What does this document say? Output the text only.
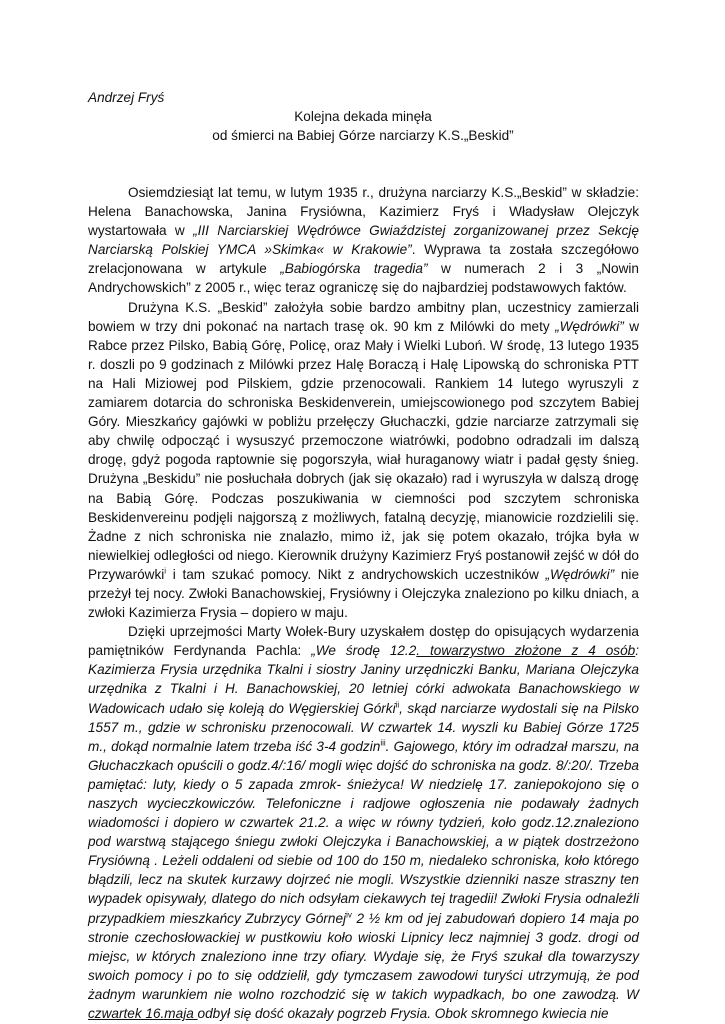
Andrzej Fryś

Kolejna dekada minęła
od śmierci na Babiej Górze narciarzy K.S.„Beskid”

Osiemdziesiąt lat temu, w lutym 1935 r., drużyna narciarzy K.S.„Beskid” w składzie: Helena Banachowska, Janina Frysiówna, Kazimierz Fryś i Władysław Olejczyk wystartowała w „III Narciarskiej Wędrówce Gwiaździstej zorganizowanej przez Sekcję Narciarską Polskiej YMCA »Skimka« w Krakowie”. Wyprawa ta została szczegółowo zrelacjonowana w artykule „Babiogórska tragedia” w numerach 2 i 3 „Nowin Andrychowskich” z 2005 r., więc teraz ograniczę się do najbardziej podstawowych faktów.

Drużyna K.S. „Beskid” założyła sobie bardzo ambitny plan, uczestnicy zamierzali bowiem w trzy dni pokonać na nartach trasę ok. 90 km z Milówki do mety „Wędrówki” w Rabce przez Pilsko, Babią Górę, Policę, oraz Mały i Wielki Luboń. W środę, 13 lutego 1935 r. doszli po 9 godzinach z Milówki przez Halę Boraczą i Halę Lipowską do schroniska PTT na Hali Miziowej pod Pilskiem, gdzie przenocowali. Rankiem 14 lutego wyruszyli z zamiarem dotarcia do schroniska Beskidenverein, umiejscowionego pod szczytem Babiej Góry. Mieszkańcy gajówki w pobliżu przełęczy Głuchaczki, gdzie narciarze zatrzymali się aby chwilę odpocząć i wysuszyć przemoczone wiatrówki, podobno odradzali im dalszą drogę, gdyż pogoda raptownie się pogorszyła, wiał huraganowy wiatr i padał gęsty śnieg. Drużyna „Beskidu” nie posłuchała dobrych (jak się okazało) rad i wyruszyła w dalszą drogę na Babią Górę. Podczas poszukiwania w ciemności pod szczytem schroniska Beskidenvereinu podjęli najgorszą z możliwych, fatalną decyzję, mianowicie rozdzielili się. Żadne z nich schroniska nie znalazło, mimo iż, jak się potem okazało, trójka była w niewielkiej odległości od niego. Kierownik drużyny Kazimierz Fryś postanowił zejść w dół do Przywarówki$^i$ i tam szukać pomocy. Nikt z andrychowskich uczestników „Wędrówki” nie przeżył tej nocy. Zwłoki Banachowskiej, Frysiówny i Olejczyka znaleziono po kilku dniach, a zwłoki Kazimierza Frysia – dopiero w maju.

Dzięki uprzejmości Marty Wołek-Bury uzyskałem dostęp do opisujących wydarzenia pamiętników Ferdynanda Pachla: „We środę 12.2. towarzystwo złożone z 4 osób: Kazimierza Frysia urzędnika Tkalni i siostry Janiny urzędniczki Banku, Mariana Olejczyka urzędnika z Tkalni i H. Banachowskiej, 20 letniej córki adwokata Banachowskiego w Wadowicach udało się koleją do Węgierskiej Górki$^{ii}$, skąd narciarze wydostali się na Pilsko 1557 m., gdzie w schronisku przenocowali. W czwartek 14. wyszli ku Babiej Górze 1725 m., dokąd normalnie latem trzeba iść 3-4 godzin$^{iii}$. Gajowego, który im odradzał marszu, na Głuchaczkach opuścili o godz.4/:16/ mogli więc dojść do schroniska na godz. 8/:20/. Trzeba pamiętać: luty, kiedy o 5 zapada zmrok- śnieżyca! W niedzielę 17. zaniepokojono się o naszych wycieczkowiczów. Telefoniczne i radjowe ogłoszenia nie podawały żadnych wiadomości i dopiero w czwartek 21.2. a więc w równy tydzień, koło godz.12.znaleziono pod warstwą stającego śniegu zwłoki Olejczyka i Banachowskiej, a w piątek dostrzeżono Frysiówną . Leżeli oddaleni od siebie od 100 do 150 m, niedaleko schroniska, koło którego błądzili, lecz na skutek kurzawy dojrzeć nie mogli. Wszystkie dzienniki nasze straszny ten wypadek opisywały, dlatego do nich odsyłam ciekawych tej tragedii! Zwłoki Frysia odnaleźli przypadkiem mieszkańcy Zubrzycy Górnej$^{iv}$ 2 ½ km od jej zabudowań dopiero 14 maja po stronie czechosłowackiej w pustkowiu koło wioski Lipnicy lecz najmniej 3 godz. drogi od miejsc, w których znaleziono inne trzy ofiary. Wydaje się, że Fryś szukał dla towarzyszy swoich pomocy i po to się oddzielił, gdy tymczasem zawodowi turyści utrzymują, że pod żadnym warunkiem nie wolno rozchodzić się w takich wypadkach, bo one zawodzą. W czwartek 16.maja odbył się dość okazały pogrzeb Frysia. Obok skromnego kwiecia nie
